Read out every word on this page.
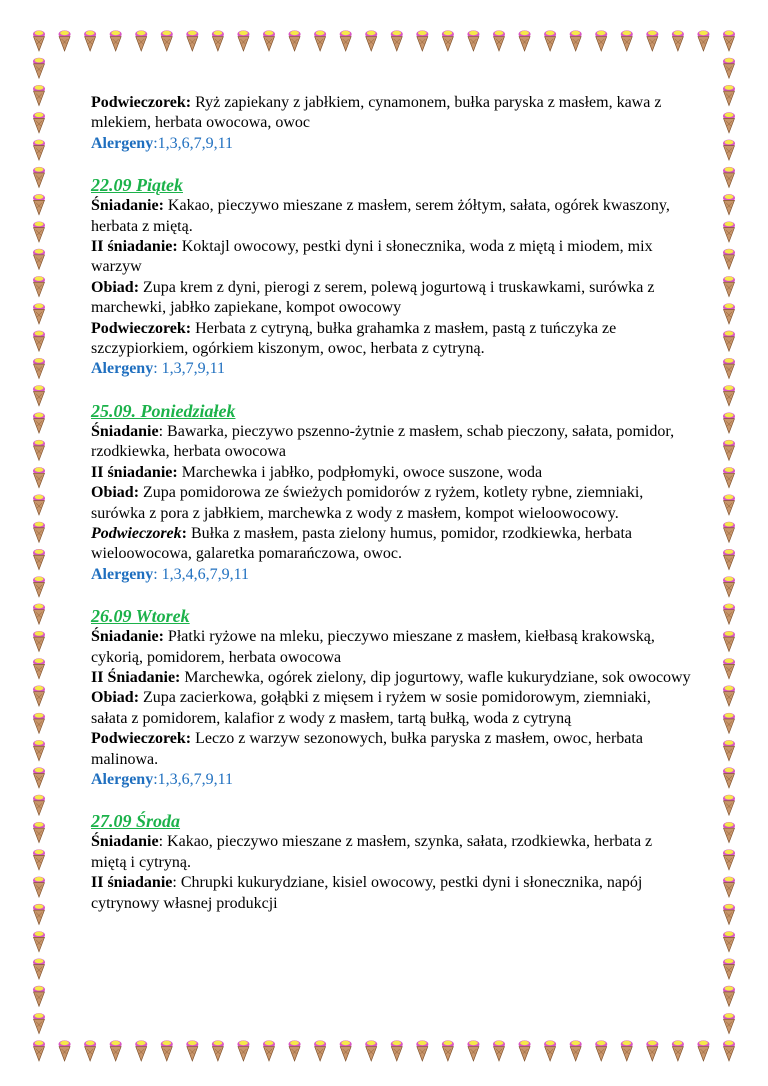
Podwieczorek: Ryż zapiekany z jabłkiem, cynamonem, bułka paryska z masłem, kawa z mlekiem, herbata owocowa, owoc

Alergeny:1,3,6,7,9,11

22.09 Piątek

Śniadanie: Kakao, pieczywo mieszane z masłem, serem żółtym, sałata, ogórek kwaszony, herbata z miętą.

II śniadanie: Koktajl owocowy, pestki dyni i słonecznika, woda z miętą i miodem, mix warzyw

Obiad: Zupa krem z dyni, pierogi z serem, polewą jogurtową i truskawkami, surówka z marchewki, jabłko zapiekane, kompot owocowy

Podwieczorek: Herbata z cytryną, bułka grahamka z masłem, pastą z tuńczyka ze szczypiorkiem, ogórkiem kiszonym, owoc, herbata z cytryną.

Alergeny: 1,3,7,9,11

25.09. Poniedziałek

Śniadanie: Bawarka, pieczywo pszenno-żytnie z masłem, schab pieczony, sałata, pomidor, rzodkiewka, herbata owocowa

II śniadanie: Marchewka i jabłko, podpłomyki, owoce suszone, woda

Obiad: Zupa pomidorowa ze świeżych pomidorów z ryżem, kotlety rybne, ziemniaki, surówka z pora z jabłkiem, marchewka z wody z masłem, kompot wieloowocowy.

Podwieczorek: Bułka z masłem, pasta zielony humus, pomidor, rzodkiewka, herbata wieloowocowa, galaretka pomarańczowa, owoc.

Alergeny: 1,3,4,6,7,9,11

26.09 Wtorek

Śniadanie: Płatki ryżowe na mleku, pieczywo mieszane z masłem, kiełbasą krakowską, cykorią, pomidorem, herbata owocowa

II Śniadanie: Marchewka, ogórek zielony, dip jogurtowy, wafle kukurydziane, sok owocowy

Obiad: Zupa zacierkowa, gołąbki z mięsem i ryżem w sosie pomidorowym, ziemniaki, sałata z pomidorem, kalafior z wody z masłem, tartą bułką, woda z cytryną

Podwieczorek: Leczo z warzyw sezonowych, bułka paryska z masłem, owoc, herbata malinowa.

Alergeny:1,3,6,7,9,11

27.09 Środa

Śniadanie: Kakao, pieczywo mieszane z masłem, szynka, sałata, rzodkiewka, herbata z miętą i cytryną.

II śniadanie: Chrupki kukurydziane, kisiel owocowy, pestki dyni i słonecznika, napój cytrynowy własnej produkcji
